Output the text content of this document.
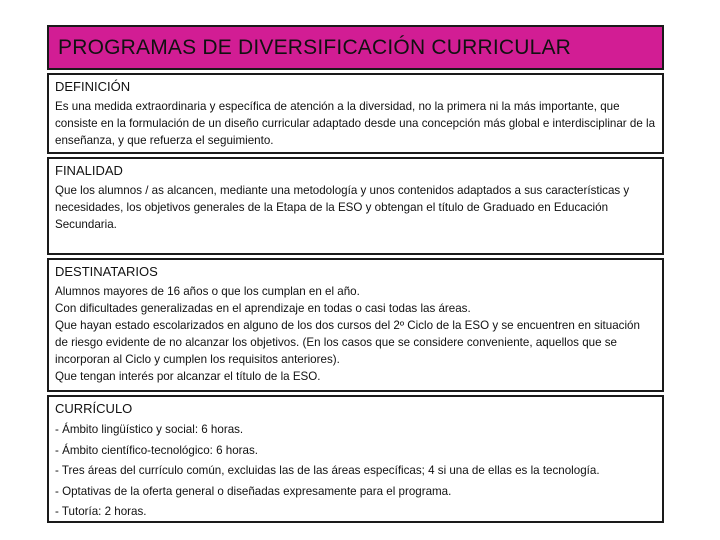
PROGRAMAS DE DIVERSIFICACIÓN CURRICULAR
DEFINICIÓN
Es una medida extraordinaria y específica de atención a la diversidad, no la primera ni la más importante, que consiste en la formulación de un diseño curricular adaptado desde una concepción más global e interdisciplinar de la enseñanza, y que refuerza el seguimiento.
FINALIDAD
Que los alumnos / as alcancen, mediante una metodología y unos contenidos adaptados a sus características y necesidades, los objetivos generales de la Etapa de la ESO y obtengan el título de Graduado en Educación Secundaria.
DESTINATARIOS
Alumnos mayores de 16 años o que los cumplan en el año.
Con dificultades generalizadas en el aprendizaje en todas o casi todas las áreas.
Que hayan estado escolarizados en alguno de los dos cursos del 2º Ciclo de la ESO y se encuentren en situación de riesgo evidente de no alcanzar los objetivos. (En los casos que se considere conveniente, aquellos que se incorporan al Ciclo y cumplen los requisitos anteriores).
Que tengan interés por alcanzar el título de la ESO.
CURRÍCULO
- Ámbito lingüístico y social: 6 horas.
- Ámbito científico-tecnológico: 6 horas.
- Tres áreas del currículo común, excluidas las de las áreas específicas; 4 si una de ellas es la tecnología.
- Optativas de la oferta general o diseñadas expresamente para el programa.
- Tutoría: 2 horas.
